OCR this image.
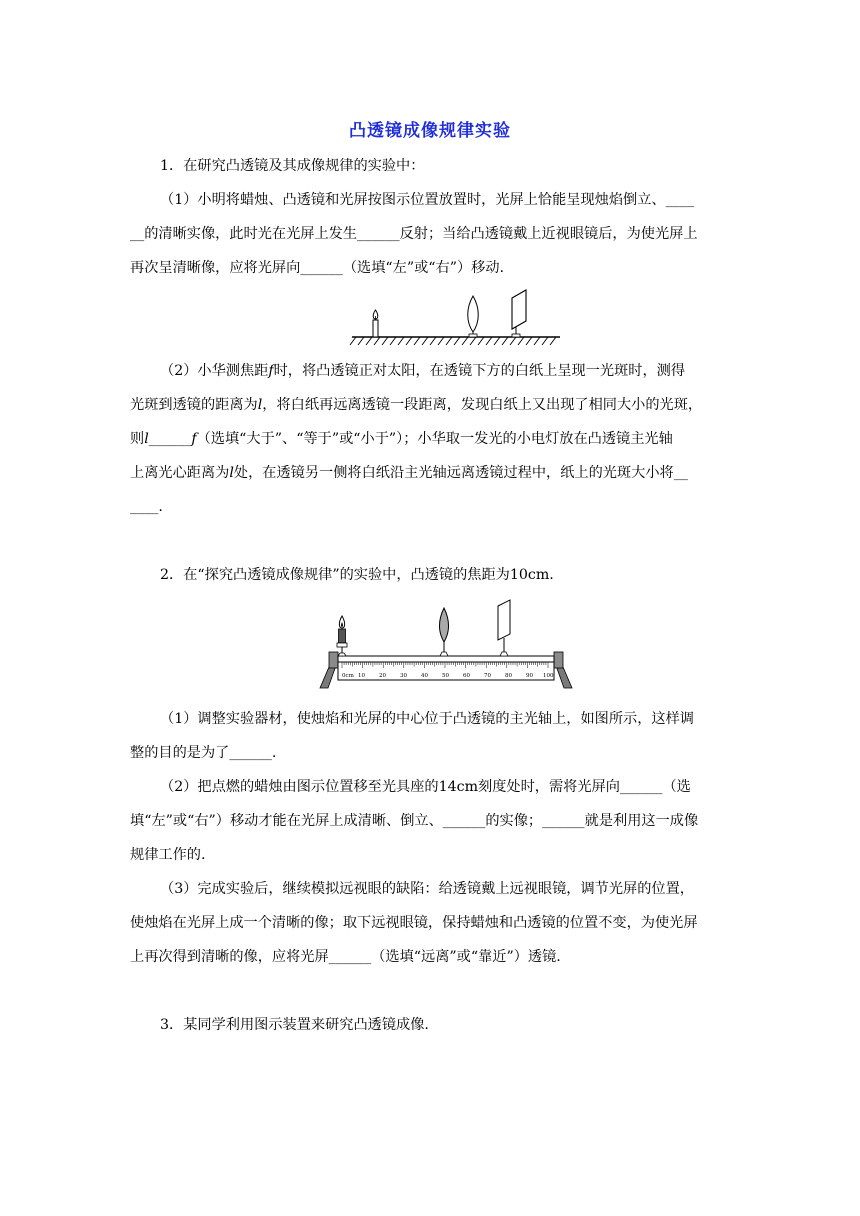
凸透镜成像规律实验
1．在研究凸透镜及其成像规律的实验中：
（1）小明将蜡烛、凸透镜和光屏按图示位置放置时，光屏上恰能呈现烛焰倒立、____
__的清晰实像，此时光在光屏上发生______反射；当给凸透镜戴上近视眼镜后，为使光屏上
再次呈清晰像，应将光屏向______（选填“左”或“右”）移动.
（2）小华测焦距f时，将凸透镜正对太阳，在透镜下方的白纸上呈现一光斑时，测得
光斑到透镜的距离为l，将白纸再远离透镜一段距离，发现白纸上又出现了相同大小的光斑，
则l______f（选填“大于”、“等于”或“小于”）；小华取一发光的小电灯放在凸透镜主光轴
上离光心距离为l处，在透镜另一侧将白纸沿主光轴远离透镜过程中，纸上的光斑大小将__
____.
2．在“探究凸透镜成像规律”的实验中，凸透镜的焦距为10cm.
0cm 10	20	30	40	50	60	70	80	90 100
（1）调整实验器材，使烛焰和光屏的中心位于凸透镜的主光轴上，如图所示，这样调
整的目的是为了______.
（2）把点燃的蜡烛由图示位置移至光具座的14cm刻度处时，需将光屏向______（选
填“左”或“右”）移动才能在光屏上成清晰、倒立、______的实像；______就是利用这一成像
规律工作的.
（3）完成实验后，继续模拟远视眼的缺陷：给透镜戴上远视眼镜，调节光屏的位置，
使烛焰在光屏上成一个清晰的像；取下远视眼镜，保持蜡烛和凸透镜的位置不变，为使光屏
上再次得到清晰的像，应将光屏______（选填“远离”或“靠近”）透镜.
3．某同学利用图示装置来研究凸透镜成像.
